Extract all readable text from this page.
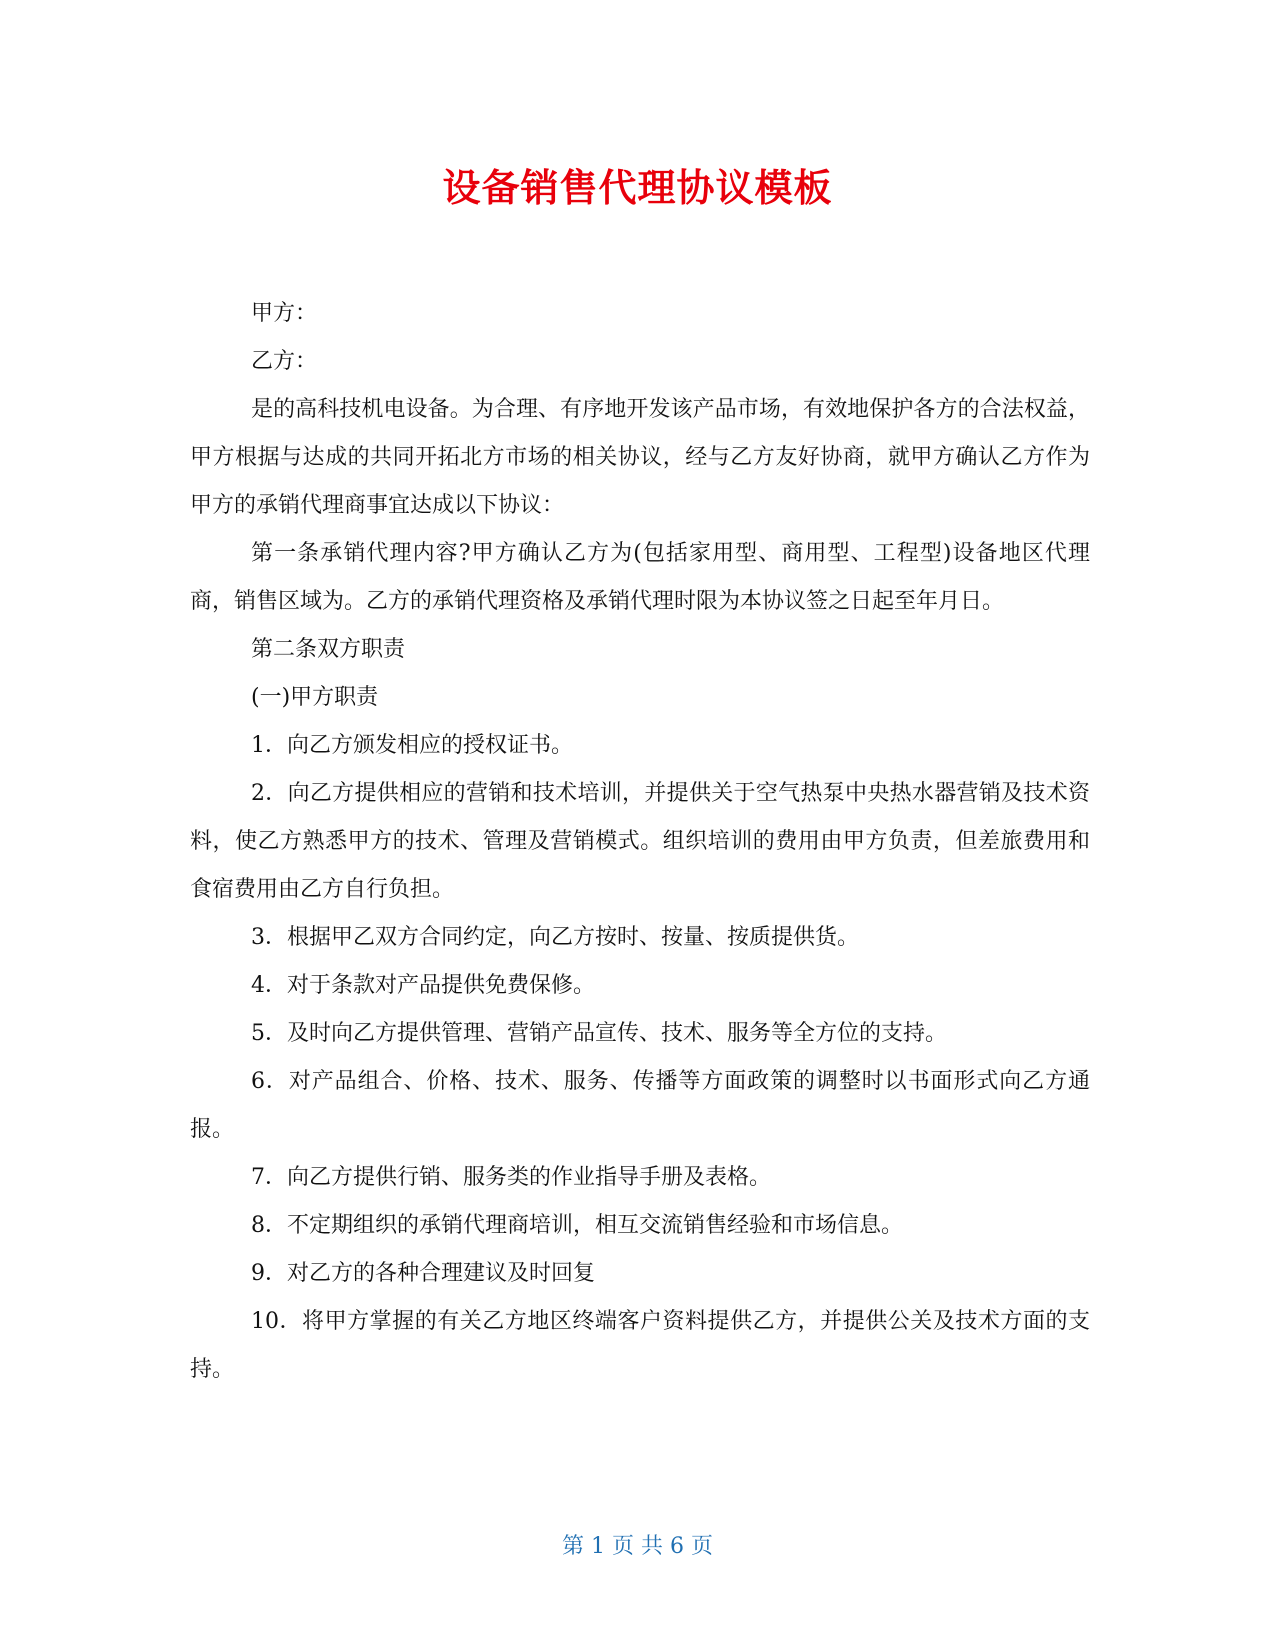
设备销售代理协议模板

甲方：

乙方：

是的高科技机电设备。为合理、有序地开发该产品市场，有效地保护各方的合法权益，甲方根据与达成的共同开拓北方市场的相关协议，经与乙方友好协商，就甲方确认乙方作为甲方的承销代理商事宜达成以下协议：

第一条承销代理内容?甲方确认乙方为(包括家用型、商用型、工程型)设备地区代理商，销售区域为。乙方的承销代理资格及承销代理时限为本协议签之日起至年月日。

第二条双方职责

(一)甲方职责

1．向乙方颁发相应的授权证书。

2．向乙方提供相应的营销和技术培训，并提供关于空气热泵中央热水器营销及技术资料，使乙方熟悉甲方的技术、管理及营销模式。组织培训的费用由甲方负责，但差旅费用和食宿费用由乙方自行负担。

3．根据甲乙双方合同约定，向乙方按时、按量、按质提供货。

4．对于条款对产品提供免费保修。

5．及时向乙方提供管理、营销产品宣传、技术、服务等全方位的支持。

6．对产品组合、价格、技术、服务、传播等方面政策的调整时以书面形式向乙方通报。

7．向乙方提供行销、服务类的作业指导手册及表格。

8．不定期组织的承销代理商培训，相互交流销售经验和市场信息。

9．对乙方的各种合理建议及时回复

10．将甲方掌握的有关乙方地区终端客户资料提供乙方，并提供公关及技术方面的支持。

第 1 页 共 6 页
